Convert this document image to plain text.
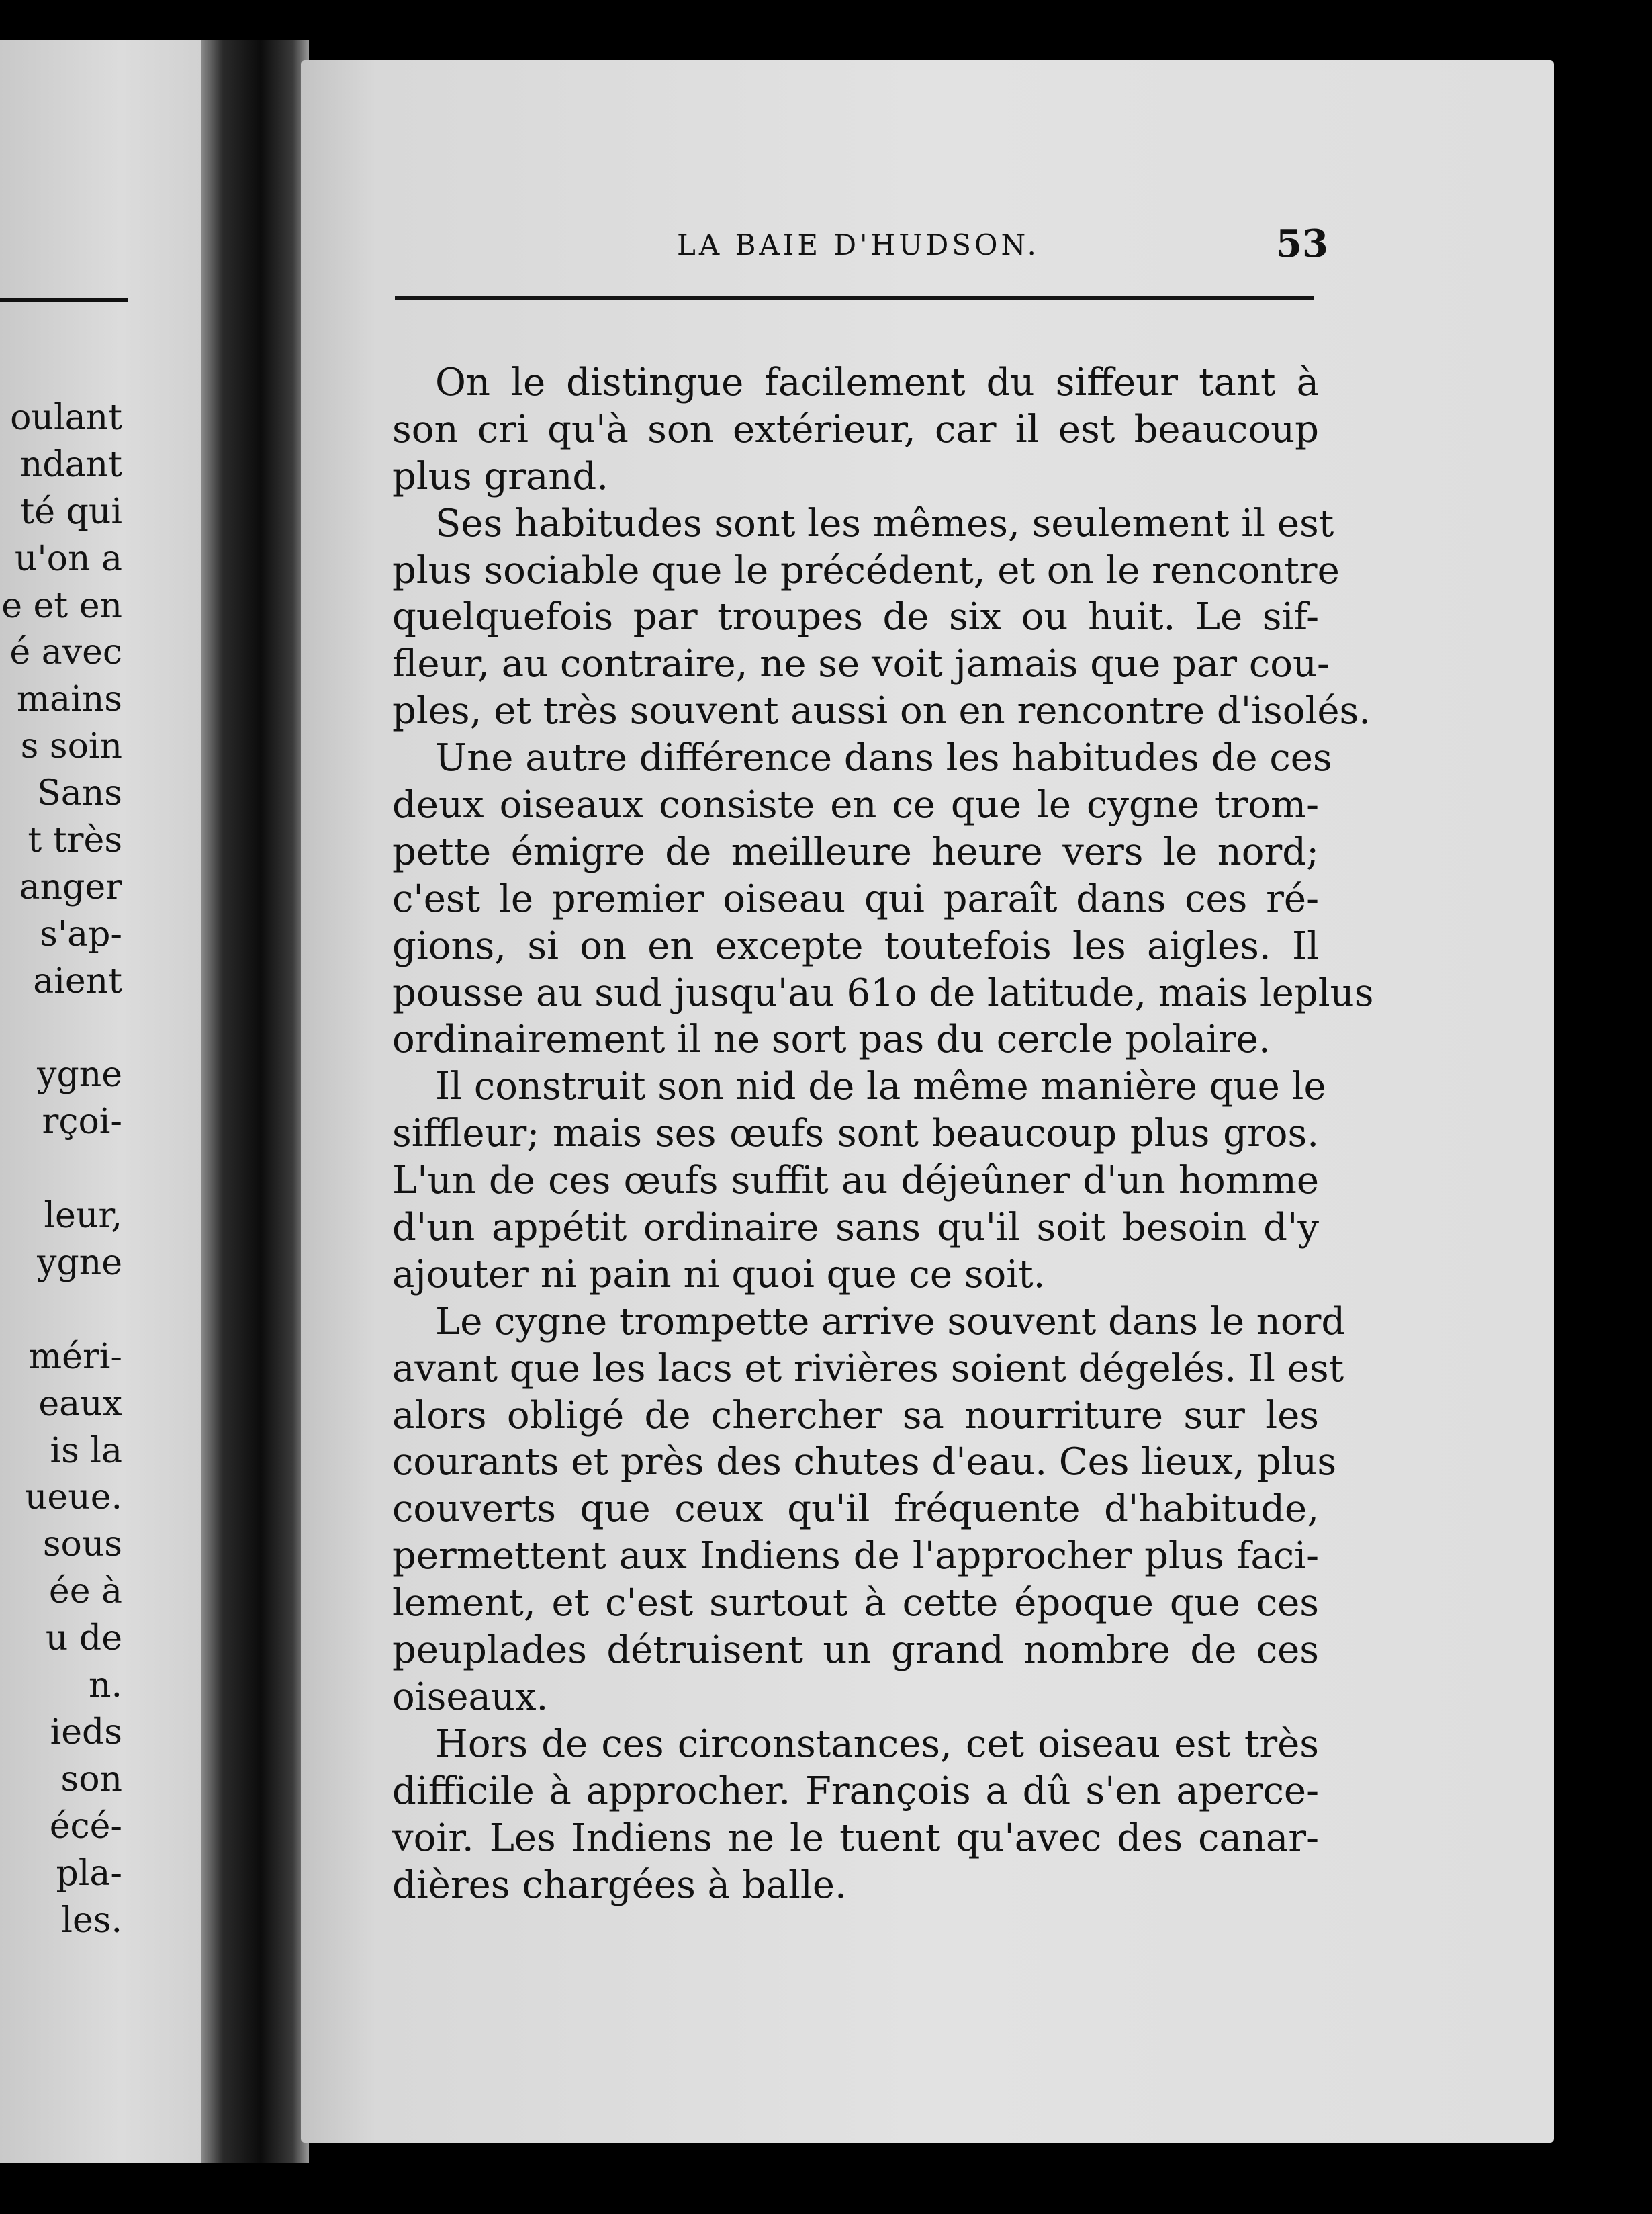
oulant
ndant
té qui
u'on a
e et en
é avec
mains
s soin
Sans
t très
anger
s'ap-
aient
ygne
rçoi-
leur,
ygne
méri-
eaux
is la
ueue.
sous
ée à
u de
n.
ieds
son
écé-
pla-
les.
LA BAIE D'HUDSON.	53

On le distingue facilement du siffeur tant à
son cri qu'à son extérieur, car il est beaucoup
plus grand.

Ses habitudes sont les mêmes, seulement il est
plus sociable que le précédent, et on le rencontre
quelquefois par troupes de six ou huit. Le sif-
fleur, au contraire, ne se voit jamais que par cou-
ples, et très souvent aussi on en rencontre d'isolés.

Une autre différence dans les habitudes de ces
deux oiseaux consiste en ce que le cygne trom-
pette émigre de meilleure heure vers le nord;
c'est le premier oiseau qui paraît dans ces ré-
gions, si on en excepte toutefois les aigles. Il
pousse au sud jusqu'au 61o de latitude, mais leplus
ordinairement il ne sort pas du cercle polaire.

Il construit son nid de la même manière que le
siffleur; mais ses œufs sont beaucoup plus gros.
L'un de ces œufs suffit au déjeûner d'un homme
d'un appétit ordinaire sans qu'il soit besoin d'y
ajouter ni pain ni quoi que ce soit.

Le cygne trompette arrive souvent dans le nord
avant que les lacs et rivières soient dégelés. Il est
alors obligé de chercher sa nourriture sur les
courants et près des chutes d'eau. Ces lieux, plus
couverts que ceux qu'il fréquente d'habitude,
permettent aux Indiens de l'approcher plus faci-
lement, et c'est surtout à cette époque que ces
peuplades détruisent un grand nombre de ces
oiseaux.

Hors de ces circonstances, cet oiseau est très
difficile à approcher. François a dû s'en aperce-
voir. Les Indiens ne le tuent qu'avec des canar-
dières chargées à balle.
